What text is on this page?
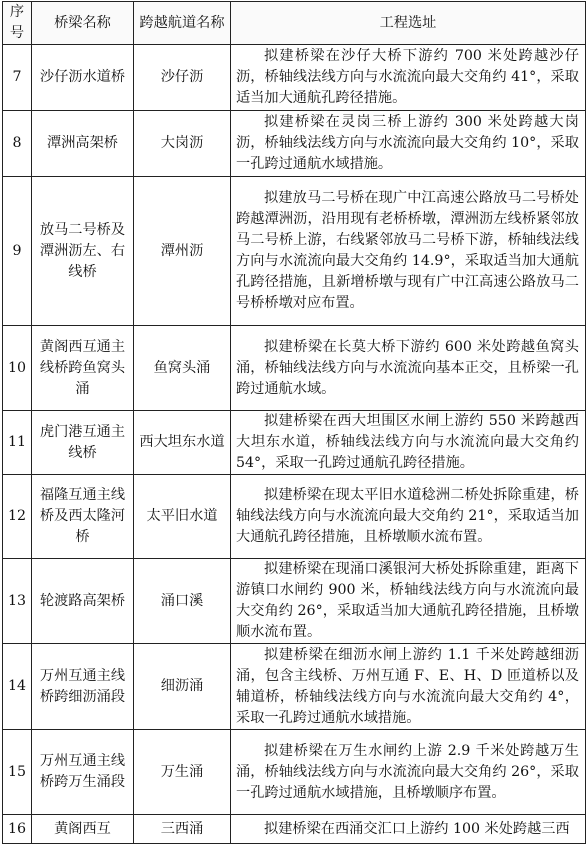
序号	桥梁名称	跨越航道名称	工程选址
7	沙仔沥水道桥	沙仔沥	拟建桥梁在沙仔大桥下游约 700 米处跨越沙仔沥，桥轴线法线方向与水流流向最大交角约 41°，采取适当加大通航孔跨径措施。
8	潭洲高架桥	大岗沥	拟建桥梁在灵岗三桥上游约 300 米处跨越大岗沥，桥轴线法线方向与水流流向最大交角约 10°，采取一孔跨过通航水域措施。
9	放马二号桥及潭洲沥左、右线桥	潭州沥	拟建放马二号桥在现广中江高速公路放马二号桥处跨越潭洲沥，沿用现有老桥桥墩，潭洲沥左线桥紧邻放马二号桥上游，右线紧邻放马二号桥下游，桥轴线法线方向与水流流向最大交角约 14.9°，采取适当加大通航孔跨径措施，且新增桥墩与现有广中江高速公路放马二号桥桥墩对应布置。
10	黄阁西互通主线桥跨鱼窝头涌	鱼窝头涌	拟建桥梁在长莫大桥下游约 600 米处跨越鱼窝头涌，桥轴线法线方向与水流流向基本正交，且桥梁一孔跨过通航水域。
11	虎门港互通主线桥	西大坦东水道	拟建桥梁在西大坦围区水闸上游约 550 米跨越西大坦东水道，桥轴线法线方向与水流流向最大交角约 54°，采取一孔跨过通航孔跨径措施。
12	福隆互通主线桥及西太隆河桥	太平旧水道	拟建桥梁在现太平旧水道稔洲二桥处拆除重建，桥轴线法线方向与水流流向最大交角约 21°，采取适当加大通航孔跨径措施，且桥墩顺水流布置。
13	轮渡路高架桥	涌口溪	拟建桥梁在现涌口溪银河大桥处拆除重建，距离下游镇口水闸约 900 米，桥轴线法线方向与水流流向最大交角约 26°，采取适当加大通航孔跨径措施，且桥墩顺水流布置。
14	万州互通主线桥跨细沥涌段	细沥涌	拟建桥梁在细沥水闸上游约 1.1 千米处跨越细沥涌，包含主线桥、万州互通 F、E、H、D 匝道桥以及辅道桥，桥轴线法线方向与水流流向最大交角约 4°，采取一孔跨过通航水域措施。
15	万州互通主线桥跨万生涌段	万生涌	拟建桥梁在万生水闸约上游 2.9 千米处跨越万生涌，桥轴线法线方向与水流流向最大交角约 26°，采取一孔跨过通航水域措施，且桥墩顺序布置。
16	黄阁西互	三西涌	拟建桥梁在西涌交汇口上游约 100 米处跨越三西
